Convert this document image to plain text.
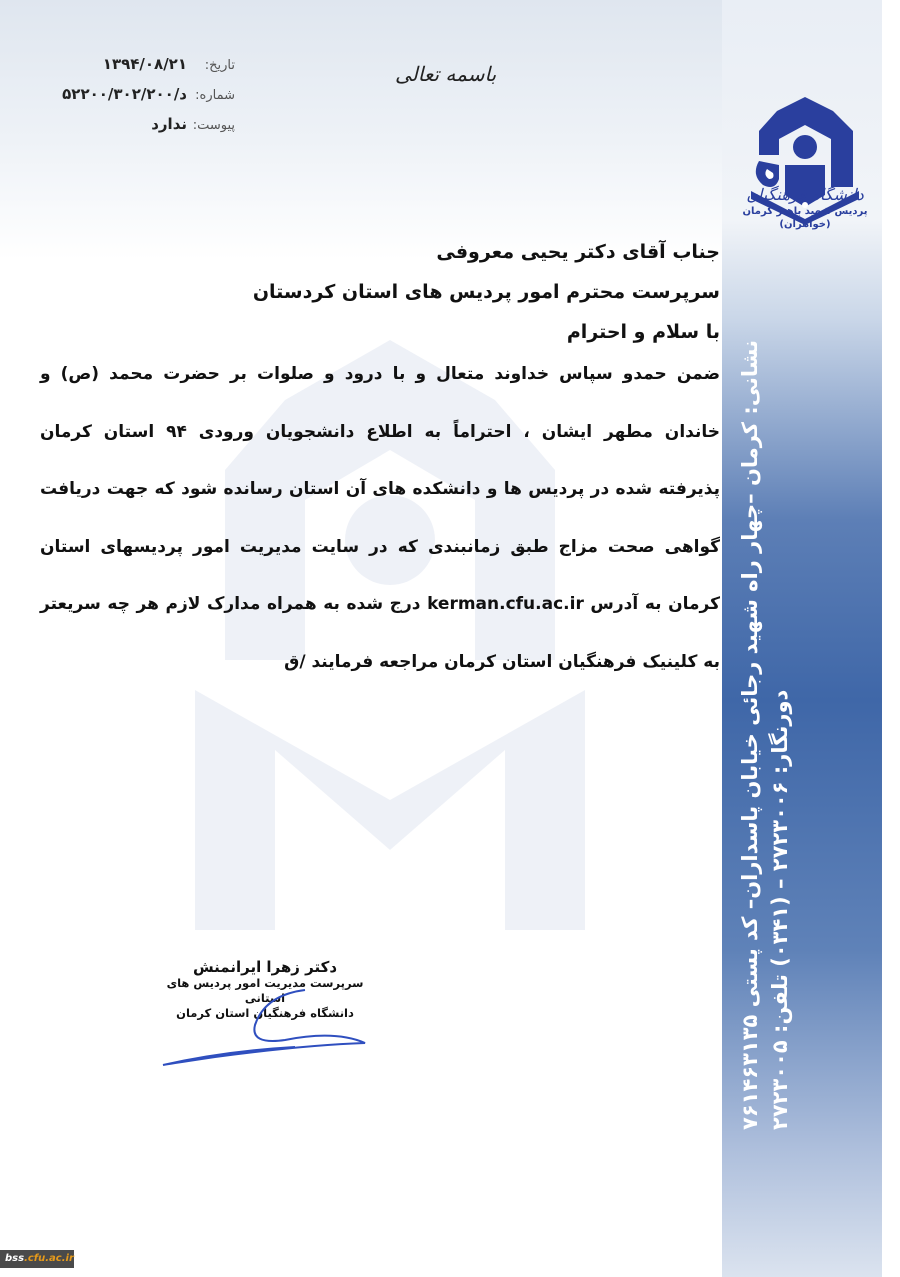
تاریخ:
۱۳۹۴/۰۸/۲۱
شماره:
د/۵۲۲۰۰/۳۰۲/۲۰۰
پیوست:
ندارد
باسمه تعالی
دانشگاه فرهنگیان
پردیس شهید باهنر کرمان
(خواهران)
نشانی: کرمان –چهار راه شهید رجائی خیابان پاسداران– کد پستی ۷۶۱۴۶۳۱۳۵
دورنگار: ۲۷۲۳۰۰۶ – (۰۳۴۱) تلفن: ۲۷۲۳۰۰۵
جناب آقای دکتر یحیی معروفی
سرپرست محترم امور پردیس های استان کردستان
با سلام و احترام
ضمن حمدو سپاس خداوند متعال و با درود و صلوات بر حضرت محمد (ص) و خاندان مطهر ایشان ، احتراماً به اطلاع دانشجویان ورودی ۹۴ استان کرمان پذیرفته شده در پردیس ها و دانشکده های آن استان رسانده شود که جهت دریافت گواهی صحت مزاج طبق زمانبندی که در سایت مدیریت امور پردیسهای استان کرمان به آدرس kerman.cfu.ac.ir درج شده به همراه مدارک لازم هر چه سریعتر به کلینیک فرهنگیان استان کرمان مراجعه فرمایند /ق
دکتر زهرا ایرانمنش
سرپرست مدیریت امور پردیس های استانی
دانشگاه فرهنگیان استان کرمان
bss.cfu.ac.ir
